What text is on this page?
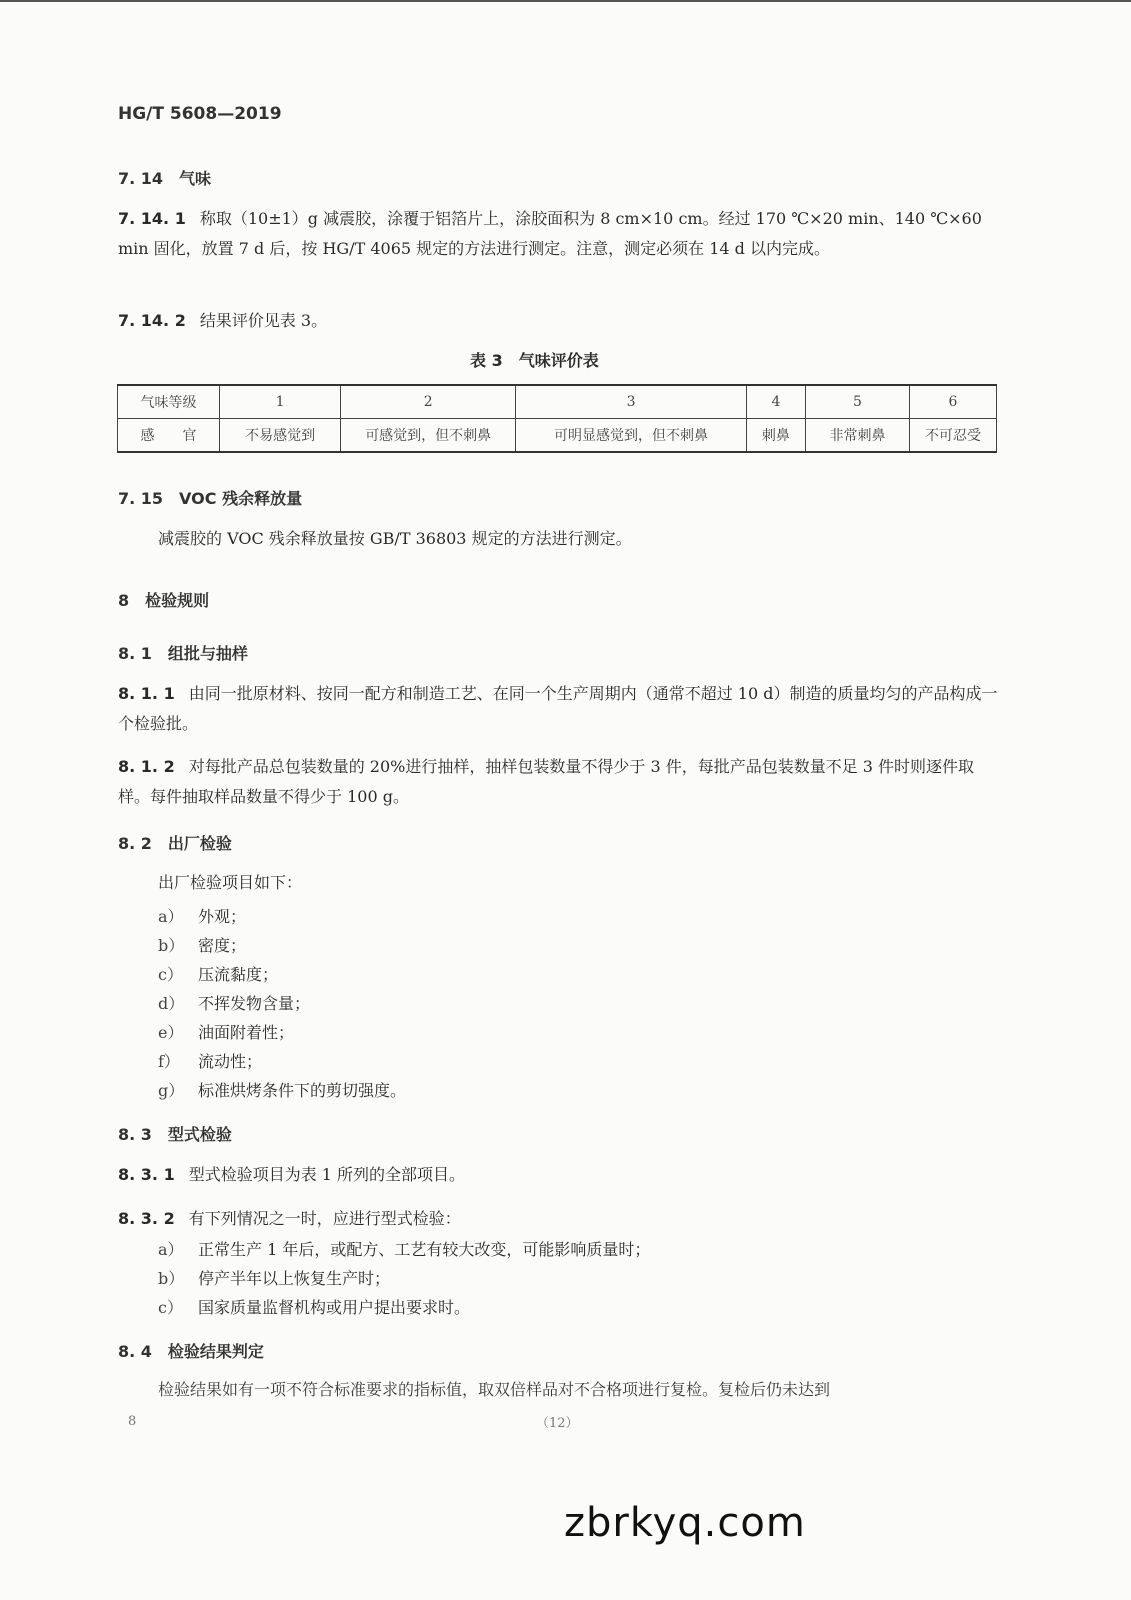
HG/T 5608—2019
7. 14 气味
7. 14. 1 称取（10±1）g 减震胶，涂覆于铝箔片上，涂胶面积为 8 cm×10 cm。经过 170 ℃×20 min、140 ℃×60 min 固化，放置 7 d 后，按 HG/T 4065 规定的方法进行测定。注意，测定必须在 14 d 以内完成。
7. 14. 2 结果评价见表 3。
表 3　气味评价表
气味等级	1	2	3	4	5	6
感　　官	不易感觉到	可感觉到，但不刺鼻	可明显感觉到，但不刺鼻	刺鼻	非常刺鼻	不可忍受
7. 15 VOC 残余释放量
减震胶的 VOC 残余释放量按 GB/T 36803 规定的方法进行测定。
8 检验规则
8. 1 组批与抽样
8. 1. 1 由同一批原材料、按同一配方和制造工艺、在同一个生产周期内（通常不超过 10 d）制造的质量均匀的产品构成一个检验批。
8. 1. 2 对每批产品总包装数量的 20%进行抽样，抽样包装数量不得少于 3 件，每批产品包装数量不足 3 件时则逐件取样。每件抽取样品数量不得少于 100 g。
8. 2 出厂检验
出厂检验项目如下：
a） 外观；
b） 密度；
c） 压流黏度；
d） 不挥发物含量；
e） 油面附着性；
f） 流动性；
g） 标准烘烤条件下的剪切强度。
8. 3 型式检验
8. 3. 1 型式检验项目为表 1 所列的全部项目。
8. 3. 2 有下列情况之一时，应进行型式检验：
a） 正常生产 1 年后，或配方、工艺有较大改变，可能影响质量时；
b） 停产半年以上恢复生产时；
c） 国家质量监督机构或用户提出要求时。
8. 4 检验结果判定
检验结果如有一项不符合标准要求的指标值，取双倍样品对不合格项进行复检。复检后仍未达到
8	（12）
zbrkyq.com
